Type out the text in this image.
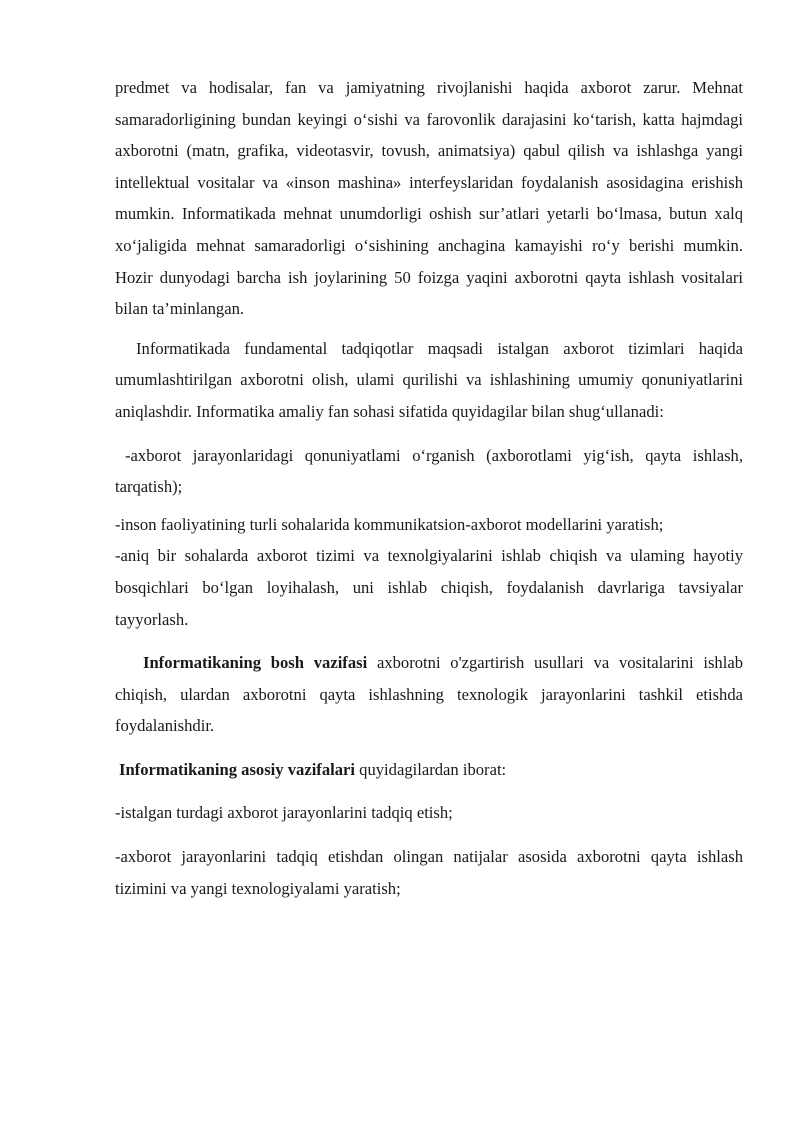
predmet va hodisalar, fan va jamiyatning rivojlanishi haqida axborot zarur. Mehnat samaradorligining bundan keyingi o‘sishi va farovonlik darajasini ko‘tarish, katta hajmdagi axborotni (matn, grafika, videotasvir, tovush, animatsiya) qabul qilish va ishlashga yangi intellektual vositalar va «inson mashina» interfeyslaridan foydalanish asosidagina erishish mumkin. Informatikada mehnat unumdorligi oshish sur’atlari yetarli bo‘lmasa, butun xalq xo‘jaligida mehnat samaradorligi o‘sishining anchagina kamayishi ro‘y berishi mumkin. Hozir dunyodagi barcha ish joylarining 50 foizga yaqini axborotni qayta ishlash vositalari bilan ta’minlangan.

Informatikada fundamental tadqiqotlar maqsadi istalgan axborot tizimlari haqida umumlashtirilgan axborotni olish, ulami qurilishi va ishlashining umumiy qonuniyatlarini aniqlashdir. Informatika amaliy fan sohasi sifatida quyidagilar bilan shug‘ullanadi:

-axborot jarayonlaridagi qonuniyatlami o‘rganish (axborotlami yig‘ish, qayta ishlash, tarqatish);

-inson faoliyatining turli sohalarida kommunikatsion-axborot modellarini yaratish;

-aniq bir sohalarda axborot tizimi va texnolgiyalarini ishlab chiqish va ulaming hayotiy bosqichlari bo‘lgan loyihalash, uni ishlab chiqish, foydalanish davrlariga tavsiyalar tayyorlash.

Informatikaning bosh vazifasi axborotni o'zgartirish usullari va vositalarini ishlab chiqish, ulardan axborotni qayta ishlashning texnologik jarayonlarini tashkil etishda foydalanishdir.

Informatikaning asosiy vazifalari quyidagilardan iborat:

-istalgan turdagi axborot jarayonlarini tadqiq etish;

-axborot jarayonlarini tadqiq etishdan olingan natijalar asosida axborotni qayta ishlash tizimini va yangi texnologiyalami yaratish;
